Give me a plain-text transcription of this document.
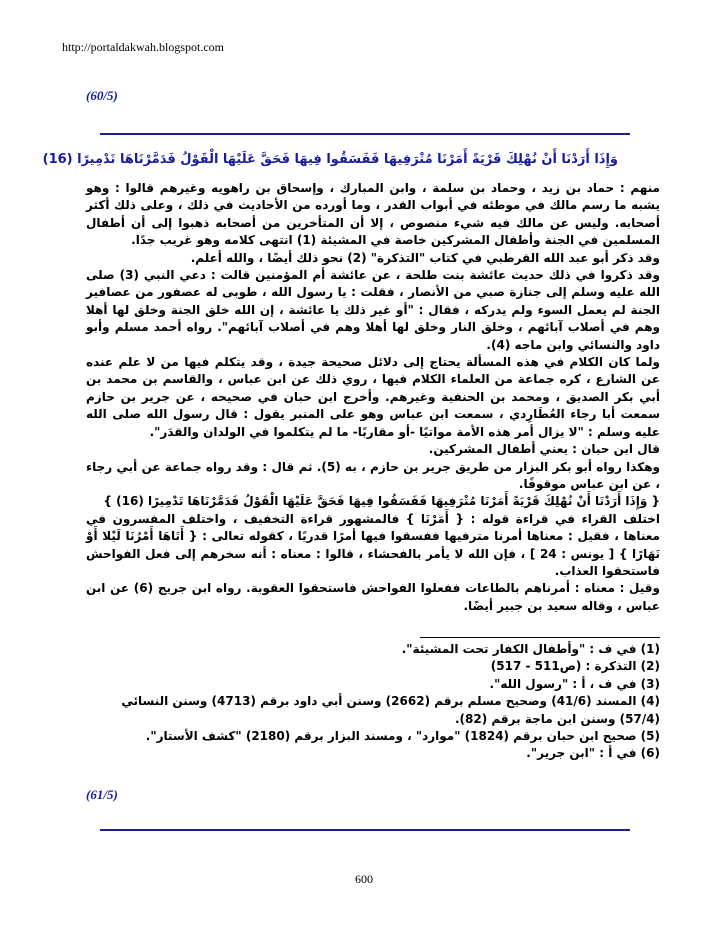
http://portaldakwah.blogspot.com
(60/5)
وَإِذَا أَرَدْنَا أَنْ نُهْلِكَ قَرْيَةً أَمَرْنَا مُتْرَفِيهَا فَفَسَقُوا فِيهَا فَحَقَّ عَلَيْهَا الْقَوْلُ فَدَمَّرْنَاهَا تَدْمِيرًا (16)

منهم : حماد بن زيد ، وحماد بن سلمة ، وابن المبارك ، وإسحاق بن راهويه وغيرهم قالوا : وهو يشبه ما رسم مالك في موطئه في أبواب القدر ، وما أورده من الأحاديث في ذلك ، وعلى ذلك أكثر أصحابه. وليس عن مالك فيه شيء منصوص ، إلا أن المتأخرين من أصحابه ذهبوا إلى أن أطفال المسلمين في الجنة وأطفال المشركين خاصة في المشيئة (1) انتهى كلامه وهو غريب جدًا.

وقد ذكر أبو عبد الله القرطبي في كتاب "التذكرة" (2) نحو ذلك أيضًا ، والله أعلم.

وقد ذكروا في ذلك حديث عائشة بنت طلحة ، عن عائشة أم المؤمنين قالت : دعي النبي (3) صلى الله عليه وسلم إلى جنازة صبي من الأنصار ، فقلت : يا رسول الله ، طوبى له عصفور من عصافير الجنة لم يعمل السوء ولم يدركه ، فقال : "أو غير ذلك يا عائشة ، إن الله خلق الجنة وخلق لها أهلا وهم في أصلاب آبائهم ، وخلق النار وخلق لها أهلا وهم في أصلاب آبائهم". رواه أحمد مسلم وأبو داود والنسائي وابن ماجه (4).

ولما كان الكلام في هذه المسألة يحتاج إلى دلائل صحيحة جيدة ، وقد يتكلم فيها من لا علم عنده عن الشارع ، كره جماعة من العلماء الكلام فيها ، روي ذلك عن ابن عباس ، والقاسم بن محمد بن أبي بكر الصديق ، ومحمد بن الحنفية وغيرهم. وأخرج ابن حبان في صحيحه ، عن جرير بن حازم سمعت أبا رجاء العُطَارِدي ، سمعت ابن عباس وهو على المنبر يقول : قال رسول الله صلى الله عليه وسلم : "لا يزال أمر هذه الأمة مواتيًا -أو مقاربًا- ما لم يتكلموا في الولدان والقدَر".

قال ابن حبان : يعني أطفال المشركين.

وهكذا رواه أبو بكر البزار من طريق جرير بن حازم ، به (5). ثم قال : وقد رواه جماعة عن أبي رجاء ، عن ابن عباس موقوفًا.

{ وَإِذَا أَرَدْنَا أَنْ نُهْلِكَ قَرْيَةً أَمَرْنَا مُتْرَفِيهَا فَفَسَقُوا فِيهَا فَحَقَّ عَلَيْهَا الْقَوْلُ فَدَمَّرْنَاهَا تَدْمِيرًا (16) }

اختلف القراء في قراءة قوله : { أَمَرْنَا } فالمشهور قراءة التخفيف ، واختلف المفسرون في معناها ، فقيل : معناها أمرنا مترفيها ففسقوا فيها أمرًا قدريًا ، كقوله تعالى : { أَتَاهَا أَمْرُنَا لَيْلا أَوْ نَهَارًا } [ يونس : 24 ] ، فإن الله لا يأمر بالفحشاء ، قالوا : معناه : أنه سخرهم إلى فعل الفواحش فاستحقوا العذاب.

وقيل : معناه : أمرناهم بالطاعات ففعلوا الفواحش فاستحقوا العقوبة. رواه ابن جريج (6) عن ابن عباس ، وقاله سعيد بن جبير أيضًا.

(1) في ف : "وأطفال الكفار تحت المشيئة".

(2) التذكرة : (ص511 - 517)

(3) في ف ، أ : "رسول الله".

(4) المسند (41/6) وصحيح مسلم برقم (2662) وسنن أبي داود برقم (4713) وسنن النسائي (57/4) وسنن ابن ماجة برقم (82).

(5) صحيح ابن حبان برقم (1824) "موارد" ، ومسند البزار برقم (2180) "كشف الأستار".

(6) في أ : "ابن جرير".

(61/5)
600
